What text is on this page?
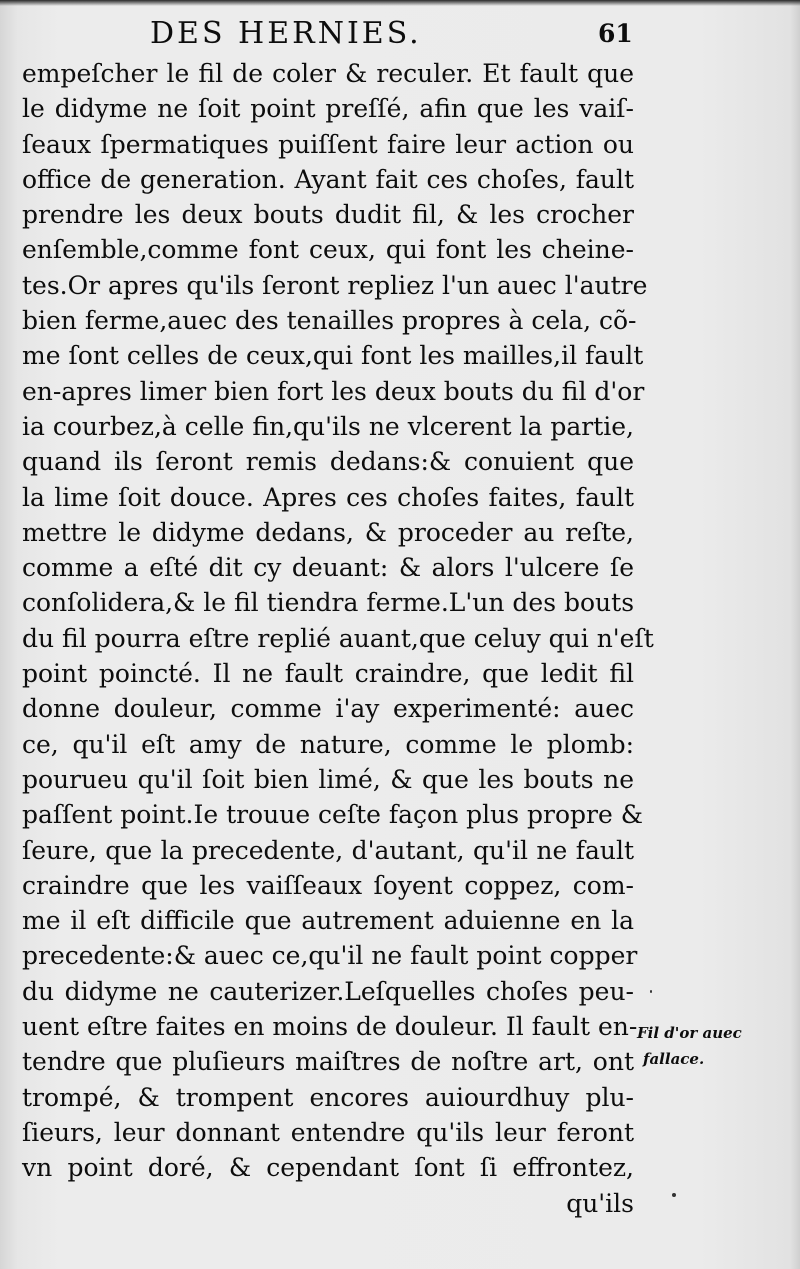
DES HERNIES.	61
empeſcher le fil de coler & reculer. Et fault que
le didyme ne ſoit point preſſé, afin que les vaiſ-
ſeaux ſpermatiques puiſſent faire leur action ou
office de generation. Ayant fait ces choſes, fault
prendre les deux bouts dudit fil, & les crocher
enſemble,comme font ceux, qui font les cheine-
tes.Or apres qu'ils ſeront repliez l'un auec l'autre
bien ferme,auec des tenailles propres à cela, cõ-
me ſont celles de ceux,qui font les mailles,il fault
en-apres limer bien fort les deux bouts du fil d'or
ia courbez,à celle fin,qu'ils ne vlcerent la partie,
quand ils ſeront remis dedans:& conuient que
la lime ſoit douce. Apres ces choſes faites, fault
mettre le didyme dedans, & proceder au reſte,
comme a eſté dit cy deuant: & alors l'ulcere ſe
conſolidera,& le fil tiendra ferme.L'un des bouts
du fil pourra eſtre replié auant,que celuy qui n'eſt
point poincté. Il ne fault craindre, que ledit fil
donne douleur, comme i'ay experimenté: auec
ce, qu'il eſt amy de nature, comme le plomb:
pourueu qu'il ſoit bien limé, & que les bouts ne
paſſent point.Ie trouue ceſte façon plus propre &
ſeure, que la precedente, d'autant, qu'il ne fault
craindre que les vaiſſeaux ſoyent coppez, com-
me il eſt difficile que autrement aduienne en la
precedente:& auec ce,qu'il ne fault point copper
du didyme ne cauterizer.Leſquelles choſes peu-
uent eſtre faites en moins de douleur. Il fault en-
tendre que pluſieurs maiſtres de noſtre art, ont
trompé, & trompent encores auiourdhuy plu-
ſieurs, leur donnant entendre qu'ils leur feront
vn point doré, & cependant ſont ſi effrontez,
qu'ils
Fil d'or auec
fallace.
